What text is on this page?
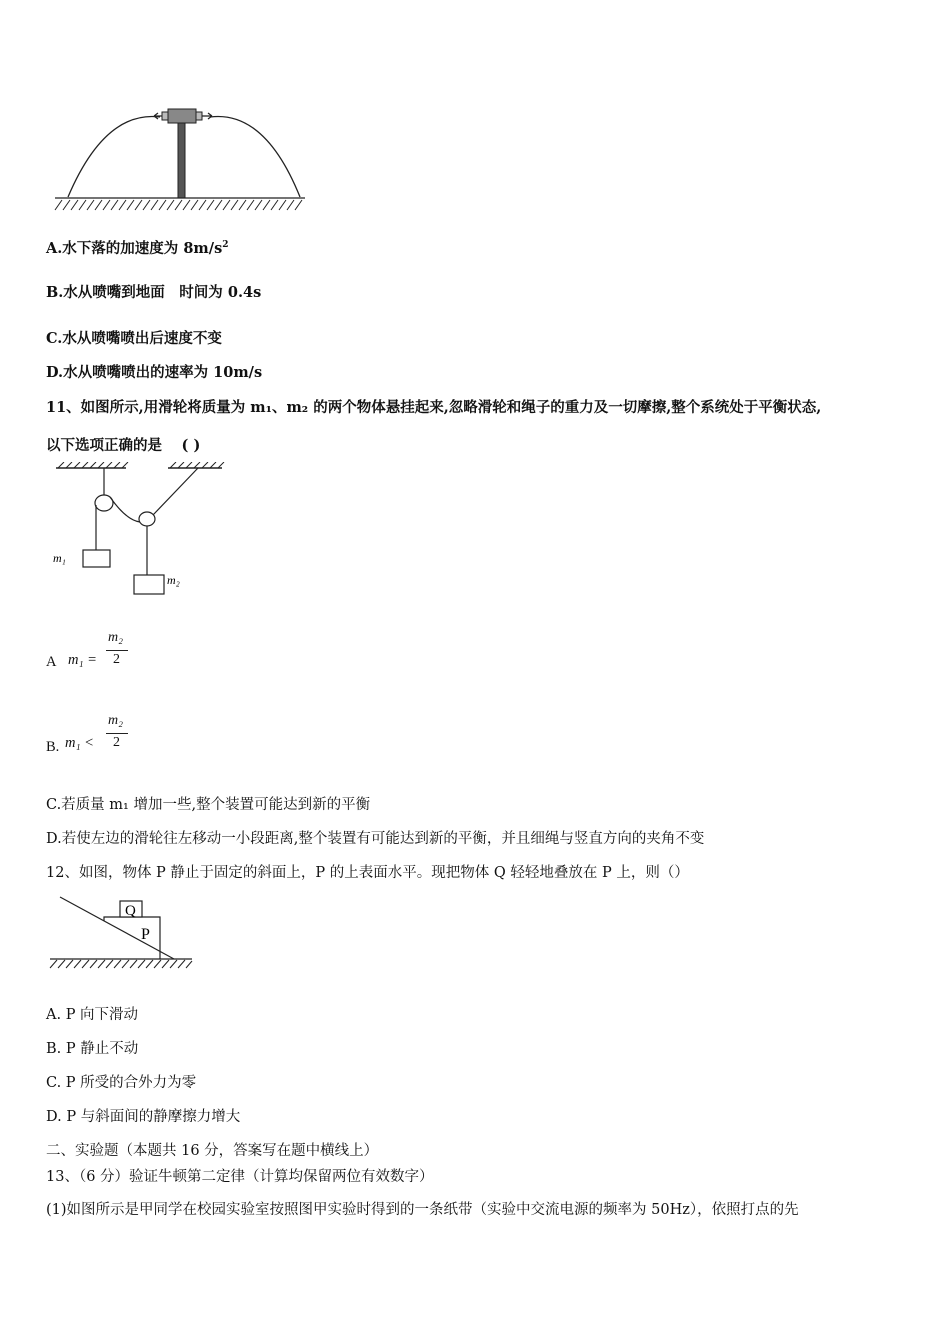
A.水下落的加速度为 $8m/s^2$
B.水从喷嘴到地面　时间为 0.4s
C.水从喷嘴喷出后速度不变
D.水从喷嘴喷出的速率为 10m/s
11、如图所示,用滑轮将质量为 m₁、m₂ 的两个物体悬挂起来,忽略滑轮和绳子的重力及一切摩擦,整个系统处于平衡状态,
以下选项正确的是　 ( )
m₁
m₂
A m₁ =
m₂
2
B. m₁ <
m₂
2
C.若质量 m₁ 增加一些,整个装置可能达到新的平衡
D.若使左边的滑轮往左移动一小段距离,整个装置有可能达到新的平衡，并且细绳与竖直方向的夹角不变
12、如图，物体 P 静止于固定的斜面上，P 的上表面水平。现把物体 Q 轻轻地叠放在 P 上，则（）
Q
P
A. P 向下滑动
B. P 静止不动
C. P 所受的合外力为零
D. P 与斜面间的静摩擦力增大
二、实验题（本题共 16 分，答案写在题中横线上）
13、（6 分）验证牛顿第二定律（计算均保留两位有效数字）
(1)如图所示是甲同学在校园实验室按照图甲实验时得到的一条纸带（实验中交流电源的频率为 50Hz），依照打点的先
